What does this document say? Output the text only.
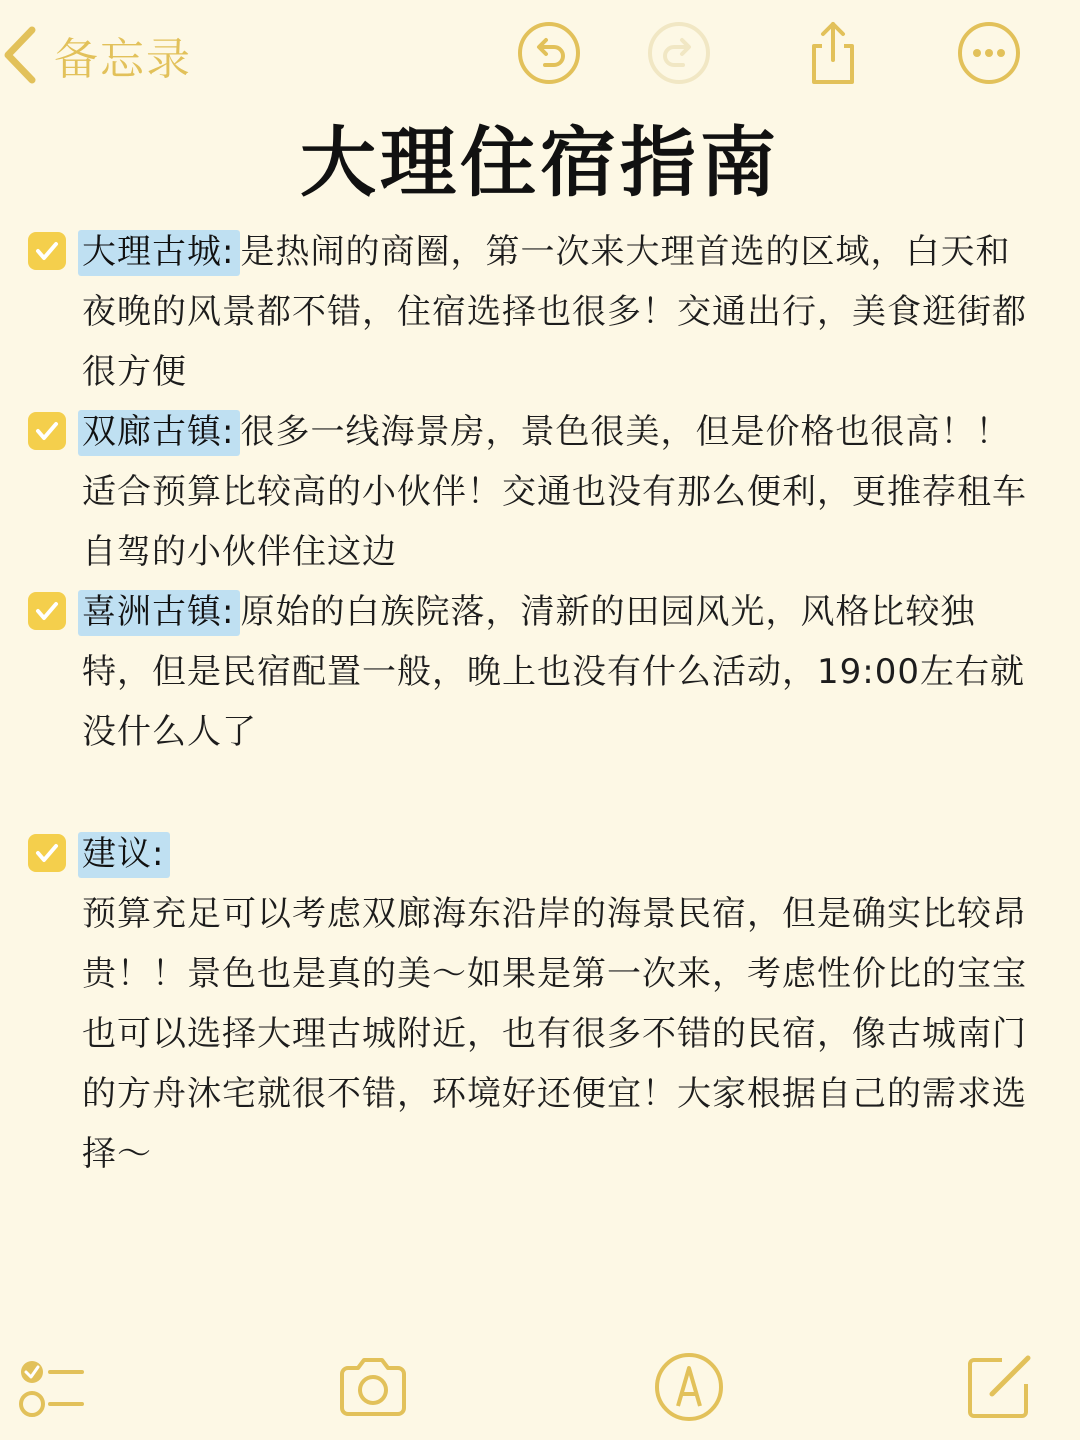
备忘录
大理住宿指南
大理古城: 是热闹的商圈，第一次来大理首选的区域，白天和夜晚的风景都不错，住宿选择也很多！交通出行，美食逛街都很方便
双廊古镇: 很多一线海景房，景色很美，但是价格也很高！！适合预算比较高的小伙伴！交通也没有那么便利，更推荐租车自驾的小伙伴住这边
喜洲古镇: 原始的白族院落，清新的田园风光，风格比较独特，但是民宿配置一般，晚上也没有什么活动，19:00左右就没什么人了
建议:
预算充足可以考虑双廊海东沿岸的海景民宿，但是确实比较昂贵！！景色也是真的美～如果是第一次来，考虑性价比的宝宝也可以选择大理古城附近，也有很多不错的民宿，像古城南门的方舟沐宅就很不错，环境好还便宜！大家根据自己的需求选择～
